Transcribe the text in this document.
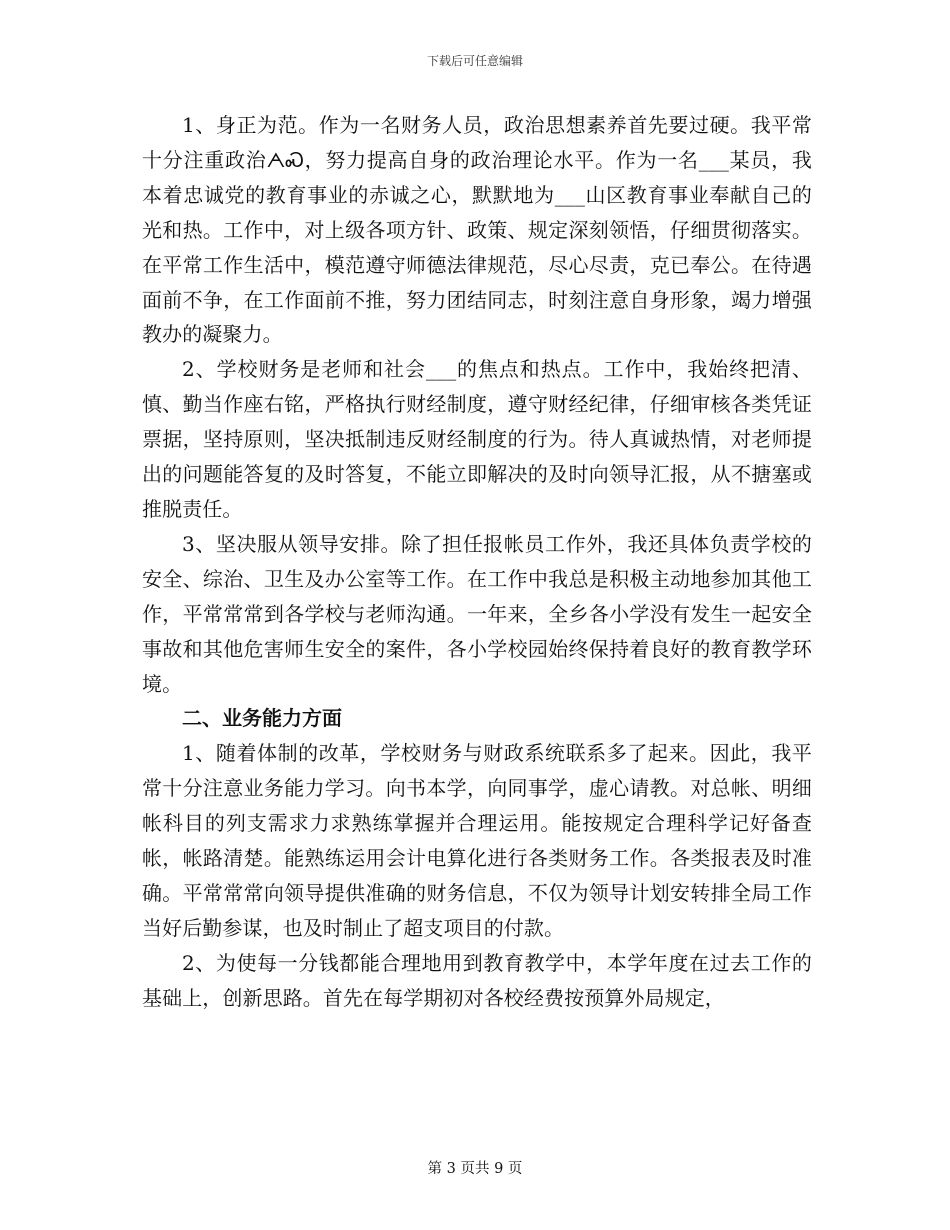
下载后可任意编辑

1、身正为范。作为一名财务人员，政治思想素养首先要过硬。我平常十分注重政治ᗅᏍ，努力提高自身的政治理论水平。作为一名___某员，我本着忠诚党的教育事业的赤诚之心，默默地为___山区教育事业奉献自己的光和热。工作中，对上级各项方针、政策、规定深刻领悟，仔细贯彻落实。在平常工作生活中，模范遵守师德法律规范，尽心尽责，克已奉公。在待遇面前不争，在工作面前不推，努力团结同志，时刻注意自身形象，竭力增强教办的凝聚力。

2、学校财务是老师和社会___的焦点和热点。工作中，我始终把清、慎、勤当作座右铭，严格执行财经制度，遵守财经纪律，仔细审核各类凭证票据，坚持原则，坚决抵制违反财经制度的行为。待人真诚热情，对老师提出的问题能答复的及时答复，不能立即解决的及时向领导汇报，从不搪塞或推脱责任。

3、坚决服从领导安排。除了担任报帐员工作外，我还具体负责学校的安全、综治、卫生及办公室等工作。在工作中我总是积极主动地参加其他工作，平常常常到各学校与老师沟通。一年来，全乡各小学没有发生一起安全事故和其他危害师生安全的案件，各小学校园始终保持着良好的教育教学环境。

二、业务能力方面

1、随着体制的改革，学校财务与财政系统联系多了起来。因此，我平常十分注意业务能力学习。向书本学，向同事学，虚心请教。对总帐、明细帐科目的列支需求力求熟练掌握并合理运用。能按规定合理科学记好备查帐，帐路清楚。能熟练运用会计电算化进行各类财务工作。各类报表及时准确。平常常常向领导提供准确的财务信息，不仅为领导计划安转排全局工作当好后勤参谋，也及时制止了超支项目的付款。

2、为使每一分钱都能合理地用到教育教学中，本学年度在过去工作的基础上，创新思路。首先在每学期初对各校经费按预算外局规定，

第 3 页共 9 页
